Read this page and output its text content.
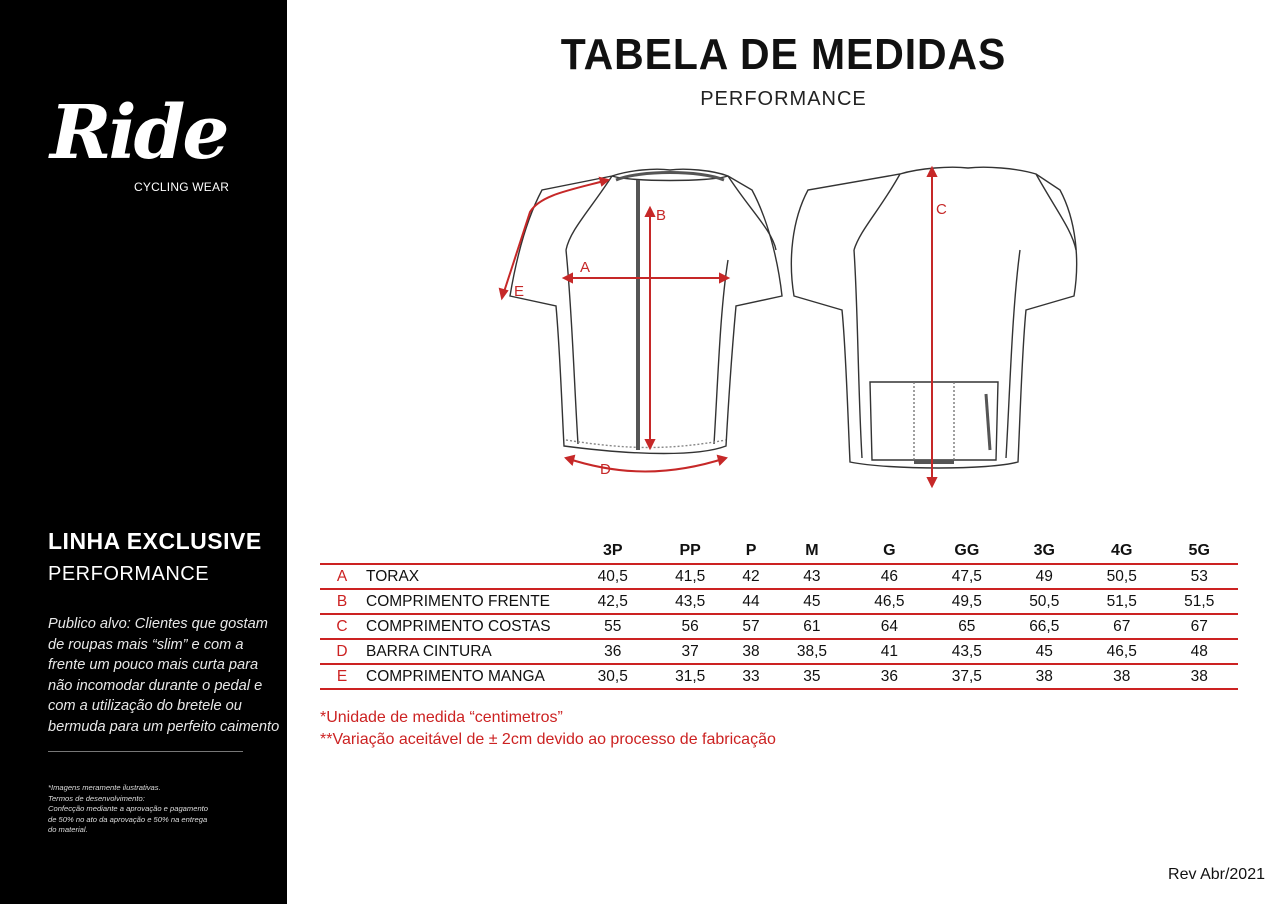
Ride
CYCLING WEAR
LINHA EXCLUSIVE
PERFORMANCE
Publico alvo: Clientes que gostam de roupas mais “slim” e com a frente um pouco mais curta para não incomodar durante o pedal e com a utilização do bretele ou bermuda para um perfeito caimento
*Imagens meramente ilustrativas.
Termos de desenvolvimento:
Confecção mediante a aprovação e pagamento
de 50% no ato da aprovação e 50% na entrega
do material.
TABELA DE MEDIDAS
PERFORMANCE
A
B	C
D
E
		3P	PP	P	M	G	GG	3G	4G	5G
A	TORAX	40,5	41,5	42	43	46	47,5	49	50,5	53
B	COMPRIMENTO FRENTE	42,5	43,5	44	45	46,5	49,5	50,5	51,5	51,5
C	COMPRIMENTO COSTAS	55	56	57	61	64	65	66,5	67	67
D	BARRA CINTURA	36	37	38	38,5	41	43,5	45	46,5	48
E	COMPRIMENTO MANGA	30,5	31,5	33	35	36	37,5	38	38	38
*Unidade de medida “centimetros”
**Variação aceitável de ± 2cm devido ao processo de fabricação
Rev Abr/2021
